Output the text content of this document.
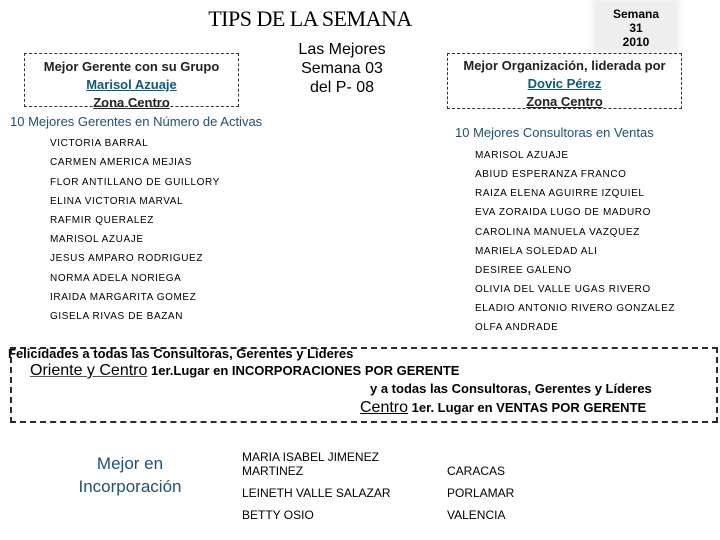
TIPS DE LA SEMANA	Semana
31
2010
Las Mejores
Semana 03
del P- 08
Mejor Gerente con su Grupo
Marisol Azuaje
Zona Centro
Mejor Organización, liderada por
Dovic Pérez
Zona Centro
10 Mejores Gerentes en Número de Activas
10 Mejores Consultoras en Ventas
VICTORIA BARRAL
CARMEN AMERICA MEJIAS
FLOR ANTILLANO DE GUILLORY
ELINA VICTORIA MARVAL
RAFMIR QUERALEZ
MARISOL AZUAJE
JESUS AMPARO RODRIGUEZ
NORMA ADELA NORIEGA
IRAIDA MARGARITA GOMEZ
GISELA RIVAS DE BAZAN
MARISOL AZUAJE
ABIUD ESPERANZA FRANCO
RAIZA ELENA AGUIRRE IZQUIEL
EVA ZORAIDA LUGO DE MADURO
CAROLINA MANUELA VAZQUEZ
MARIELA SOLEDAD ALI
DESIREE GALENO
OLIVIA DEL VALLE UGAS RIVERO
ELADIO ANTONIO RIVERO GONZALEZ
OLFA ANDRADE
Felicidades a todas las Consultoras, Gerentes y Líderes
Oriente y Centro 1er.Lugar en INCORPORACIONES POR GERENTE
y a todas las Consultoras, Gerentes y Líderes
Centro 1er. Lugar en VENTAS POR GERENTE
Mejor en Incorporación
MARIA ISABEL JIMENEZ MARTINEZ	CARACAS
LEINETH VALLE SALAZAR	PORLAMAR
BETTY OSIO	VALENCIA
